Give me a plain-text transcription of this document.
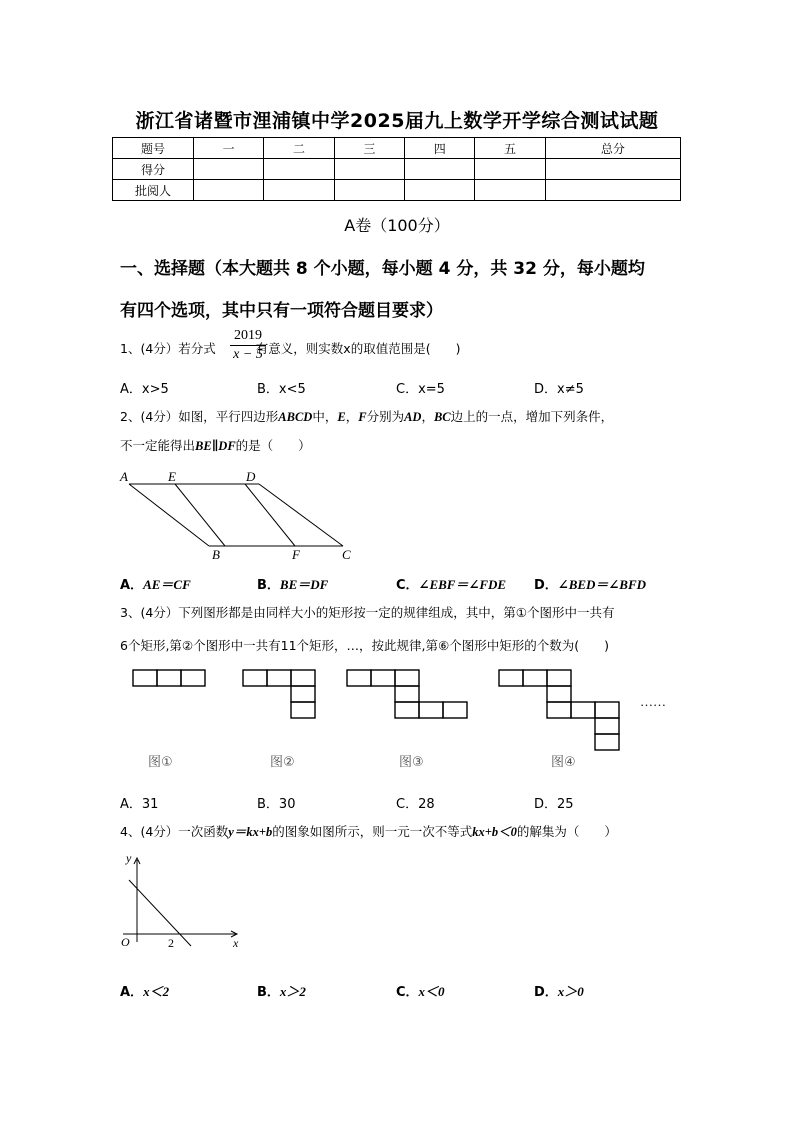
浙江省诸暨市浬浦镇中学2025届九上数学开学综合测试试题
题号	一	二	三	四	五	总分
得分						
批阅人						
A卷（100分）
一、选择题（本大题共 8 个小题，每小题 4 分，共 32 分，每小题均
有四个选项，其中只有一项符合题目要求）
1、(4分）若分式	有意义，则实数x的取值范围是(　　)
2019
x − 5
A．x>5	B．x<5	C．x=5	D．x≠5
2、(4分）如图，平行四边形ABCD中，E，F分别为AD，BC边上的一点，增加下列条件，
不一定能得出BE∥DF的是（　　）
A	E	D
B	F	C
A．AE＝CF	B．BE＝DF	C．∠EBF＝∠FDE D．∠BED＝∠BFD
3、(4分）下列图形都是由同样大小的矩形按一定的规律组成，其中，第①个图形中一共有
6个矩形,第②个图形中一共有11个矩形，…，按此规律,第⑥个图形中矩形的个数为(　　)
……
图①	图②	图③	图④
A．31	B．30	C．28	D．25
4、(4分）一次函数y＝kx+b的图象如图所示，则一元一次不等式kx+b＜0的解集为（　　）
y
x
O	2
A．x＜2	B．x＞2	C．x＜0	D．x＞0
